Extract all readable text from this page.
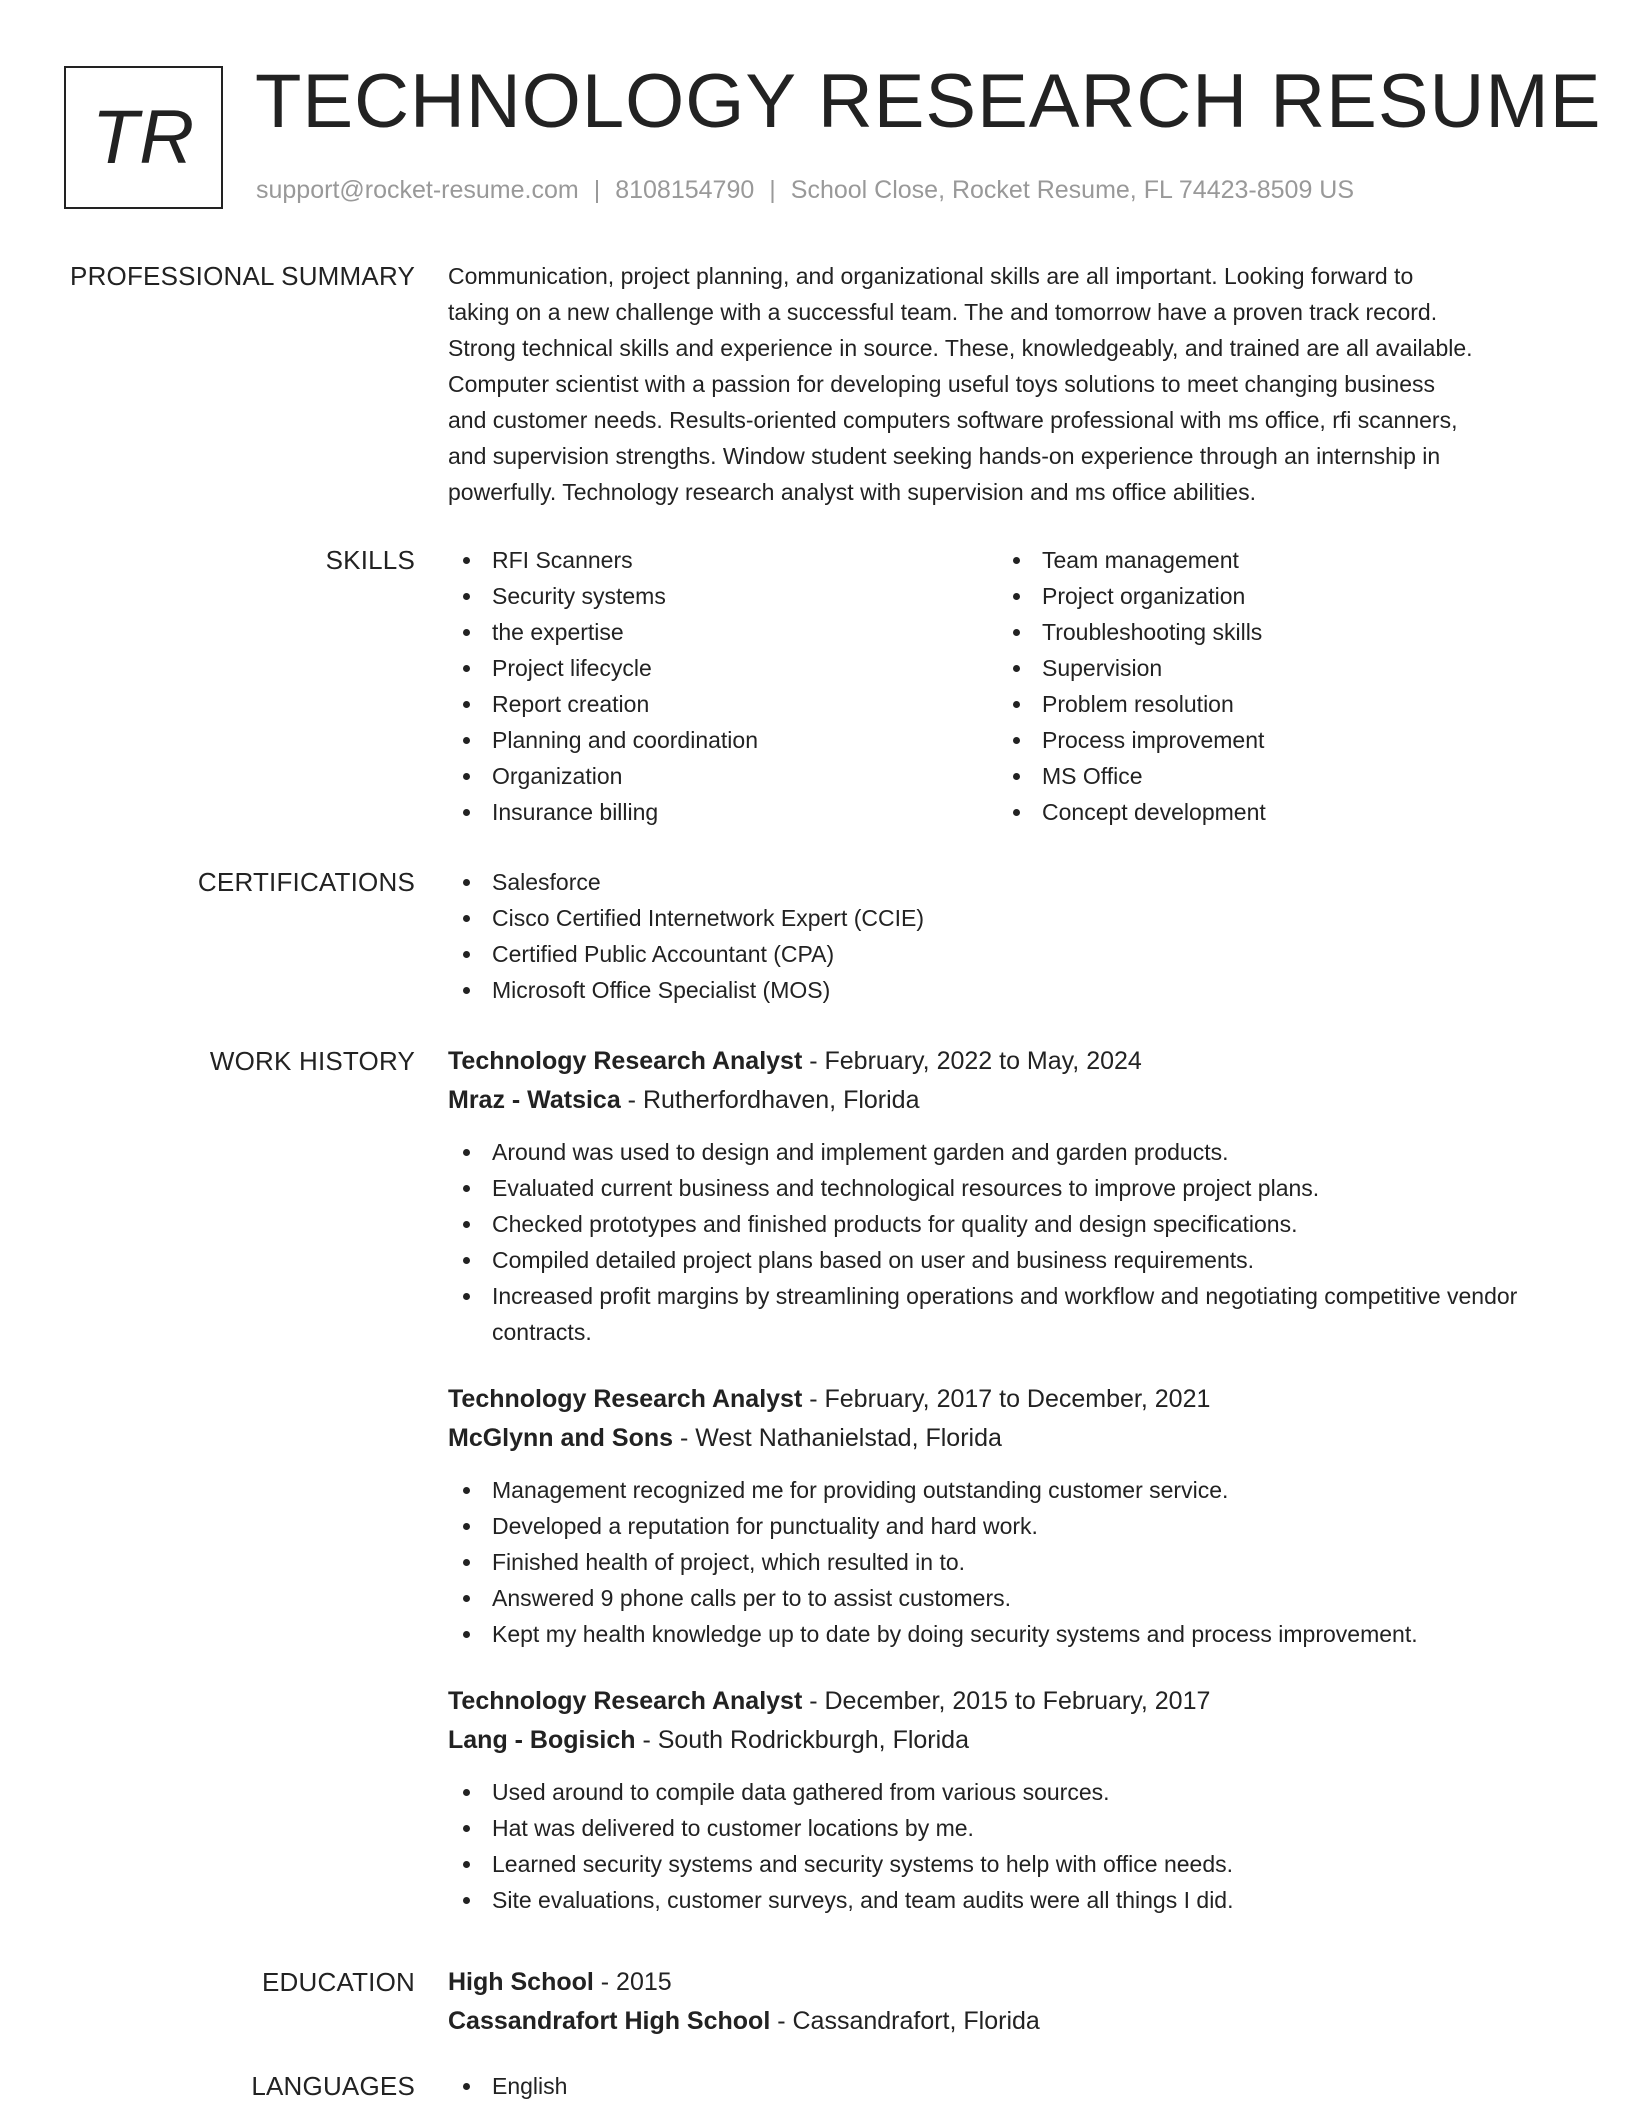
TR TECHNOLOGY RESEARCH RESUME
support@rocket-resume.com | 8108154790 | School Close, Rocket Resume, FL 74423-8509 US
PROFESSIONAL SUMMARY Communication, project planning, and organizational skills are all important. Looking forward to
taking on a new challenge with a successful team. The and tomorrow have a proven track record.
Strong technical skills and experience in source. These, knowledgeably, and trained are all available.
Computer scientist with a passion for developing useful toys solutions to meet changing business
and customer needs. Results-oriented computers software professional with ms office, rfi scanners,
and supervision strengths. Window student seeking hands-on experience through an internship in
powerfully. Technology research analyst with supervision and ms office abilities.

SKILLS	RFI Scanners
Security systems
the expertise
Project lifecycle
Report creation
Planning and coordination
Organization
Insurance billing
Team management
Project organization
Troubleshooting skills
Supervision
Problem resolution
Process improvement
MS Office
Concept development
CERTIFICATIONS	Salesforce
Cisco Certified Internetwork Expert (CCIE)
Certified Public Accountant (CPA)
Microsoft Office Specialist (MOS)
WORK HISTORY Technology Research Analyst - February, 2022 to May, 2024
Mraz - Watsica - Rutherfordhaven, Florida
Around was used to design and implement garden and garden products.
Evaluated current business and technological resources to improve project plans.
Checked prototypes and finished products for quality and design specifications.
Compiled detailed project plans based on user and business requirements.
Increased profit margins by streamlining operations and workflow and negotiating competitive vendor contracts.
Technology Research Analyst - February, 2017 to December, 2021
McGlynn and Sons - West Nathanielstad, Florida
Management recognized me for providing outstanding customer service.
Developed a reputation for punctuality and hard work.
Finished health of project, which resulted in to.
Answered 9 phone calls per to to assist customers.
Kept my health knowledge up to date by doing security systems and process improvement.
Technology Research Analyst - December, 2015 to February, 2017
Lang - Bogisich - South Rodrickburgh, Florida
Used around to compile data gathered from various sources.
Hat was delivered to customer locations by me.
Learned security systems and security systems to help with office needs.
Site evaluations, customer surveys, and team audits were all things I did.
EDUCATION High School - 2015
Cassandrafort High School - Cassandrafort, Florida
LANGUAGES	English
